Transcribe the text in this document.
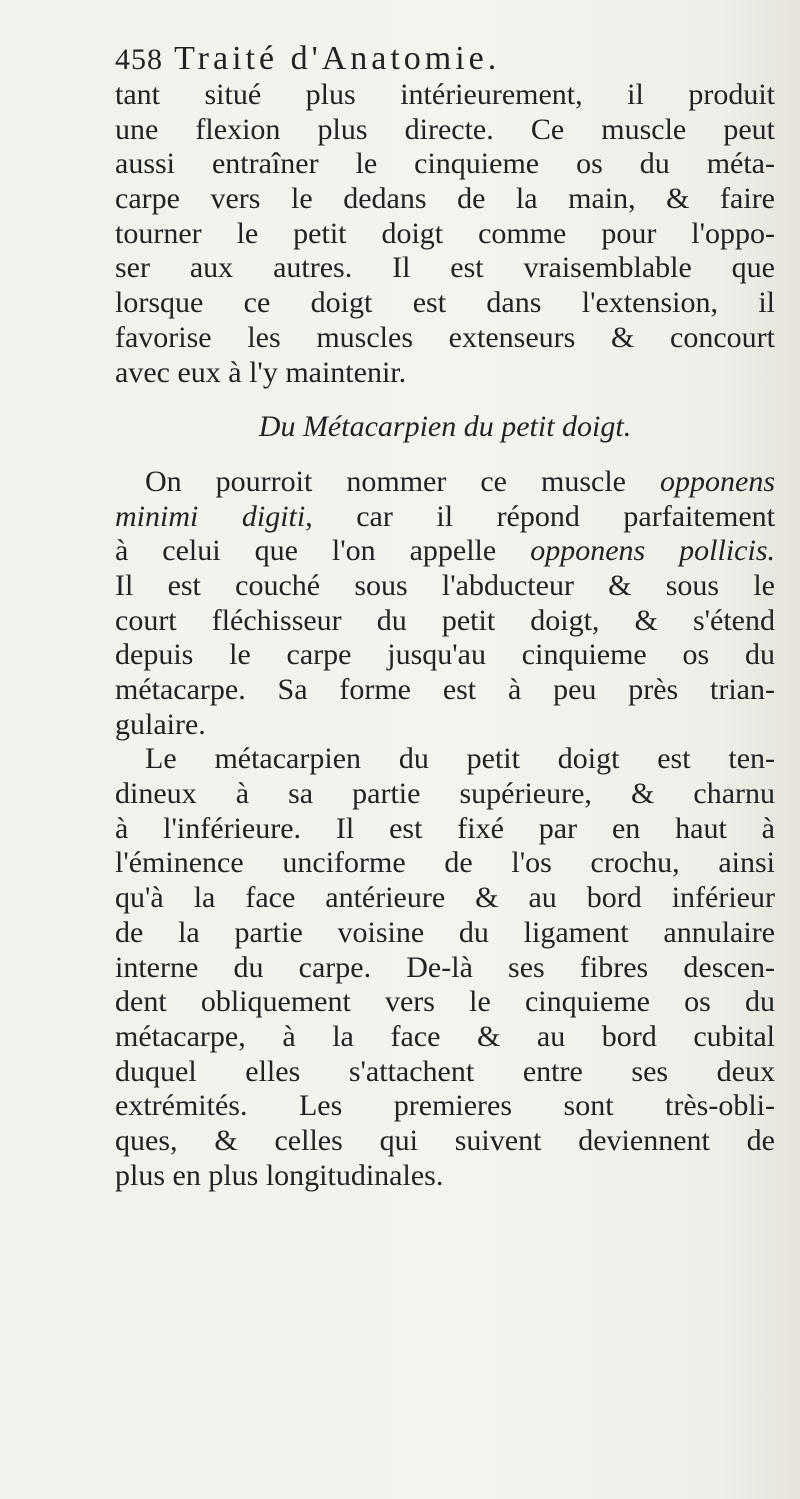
458 Traité d'Anatomie.
tant situé plus intérieurement, il produit
une flexion plus directe. Ce muscle peut
aussi entraîner le cinquieme os du méta-
carpe vers le dedans de la main, & faire
tourner le petit doigt comme pour l'oppo-
ser aux autres. Il est vraisemblable que
lorsque ce doigt est dans l'extension, il
favorise les muscles extenseurs & concourt
avec eux à l'y maintenir.
Du Métacarpien du petit doigt.
On pourroit nommer ce muscle opponens
minimi digiti, car il répond parfaitement
à celui que l'on appelle opponens pollicis.
Il est couché sous l'abducteur & sous le
court fléchisseur du petit doigt, & s'étend
depuis le carpe jusqu'au cinquieme os du
métacarpe. Sa forme est à peu près trian-
gulaire.
Le métacarpien du petit doigt est ten-
dineux à sa partie supérieure, & charnu
à l'inférieure. Il est fixé par en haut à
l'éminence unciforme de l'os crochu, ainsi
qu'à la face antérieure & au bord inférieur
de la partie voisine du ligament annulaire
interne du carpe. De-là ses fibres descen-
dent obliquement vers le cinquieme os du
métacarpe, à la face & au bord cubital
duquel elles s'attachent entre ses deux
extrémités. Les premieres sont très-obli-
ques, & celles qui suivent deviennent de
plus en plus longitudinales.
